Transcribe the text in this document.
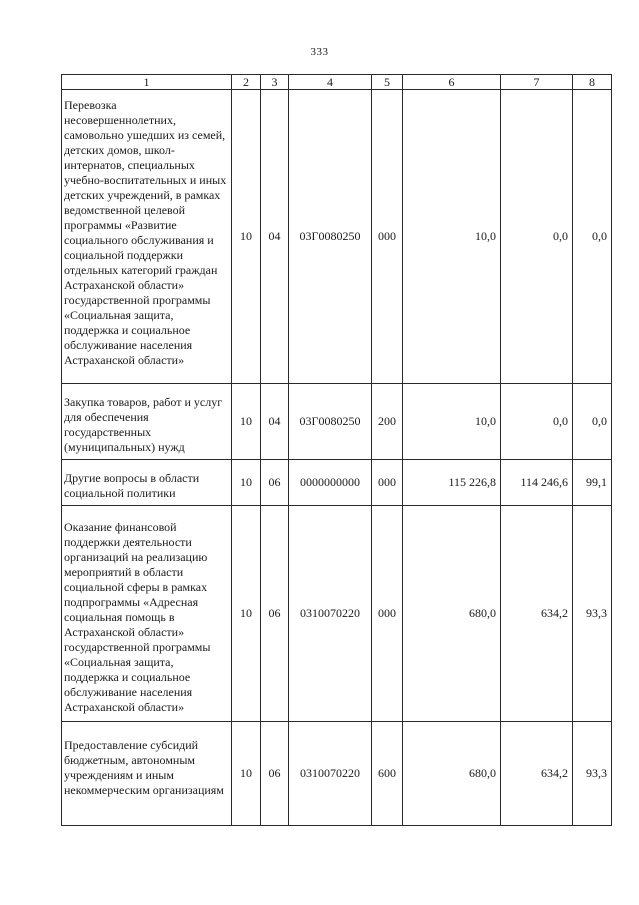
333
1	2	3	4	5	6	7	8
Перевозка несовершеннолетних, самовольно ушедших из семей, детских домов, школ-интернатов, специальных учебно-воспитательных и иных детских учреждений, в рамках ведомственной целевой программы «Развитие социального обслуживания и социальной поддержки отдельных категорий граждан Астраханской области» государственной программы «Социальная защита, поддержка и социальное обслуживание населения Астраханской области»	10	04	03Г0080250	000	10,0	0,0	0,0
Закупка товаров, работ и услуг для обеспечения государственных (муниципальных) нужд	10	04	03Г0080250	200	10,0	0,0	0,0
Другие вопросы в области социальной политики	10	06	0000000000	000	115 226,8	114 246,6	99,1
Оказание финансовой поддержки деятельности организаций на реализацию мероприятий в области социальной сферы в рамках подпрограммы «Адресная социальная помощь в Астраханской области» государственной программы «Социальная защита, поддержка и социальное обслуживание населения Астраханской области»	10	06	0310070220	000	680,0	634,2	93,3
Предоставление субсидий бюджетным, автономным учреждениям и иным некоммерческим организациям	10	06	0310070220	600	680,0	634,2	93,3
